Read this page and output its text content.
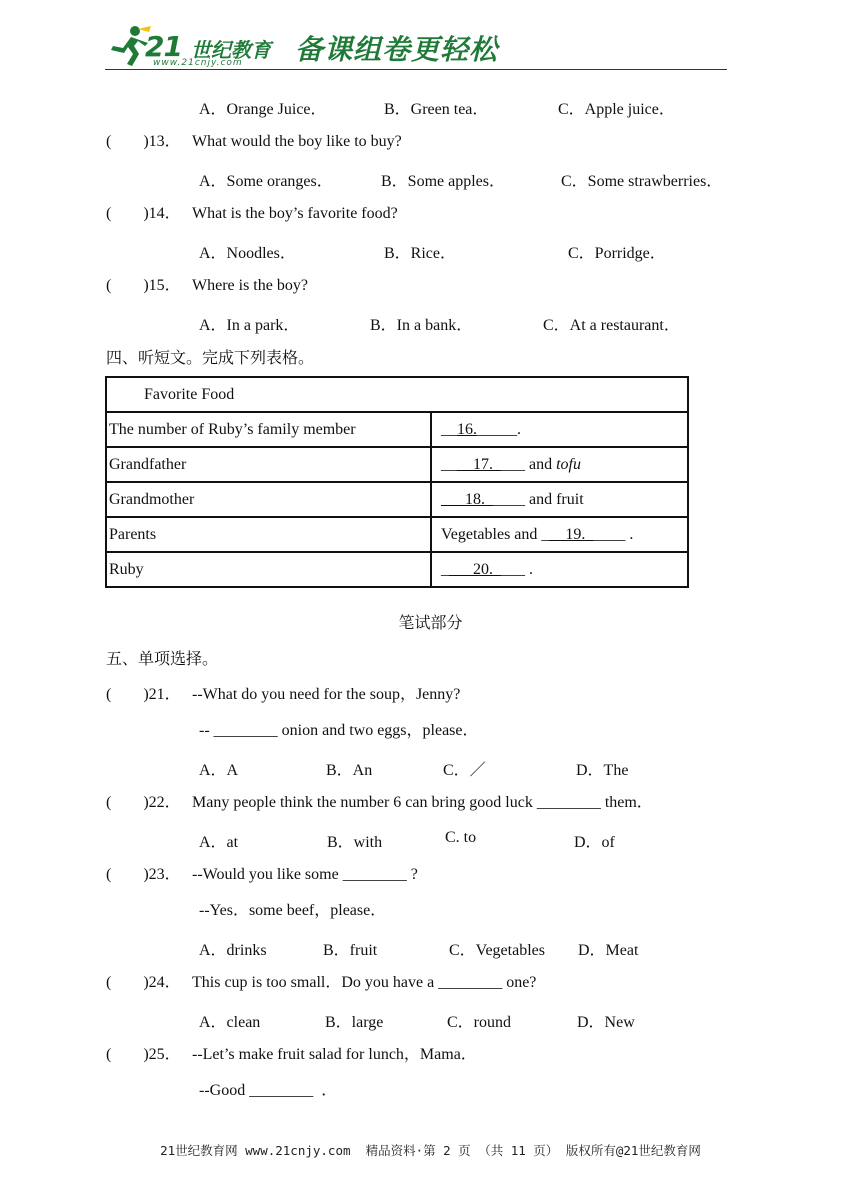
21 世纪教育
www.21cnjy.com 备课组卷更轻松
A．Orange Juice．	B．Green tea．	C．Apple juice．
(        )13． What would the boy like to buy?
A．Some oranges．	B．Some apples．	C．Some strawberries．
(        )14． What is the boy’s favorite food?
A．Noodles．	B．Rice．	C．Porridge．
(        )15． Where is the boy?
A．In a park．	B．In a bank．	C．At a restaurant．
四、听短文。完成下列表格。
Favorite Food	
The number of Ruby’s family member	__16._____.
Grandfather	____17.____ and tofu
Grandmother	___18._____ and fruit
Parents	Vegetables and ___19._____ .
Ruby	____20.____ .
笔试部分
五、单项选择。
(        )21． --What do you need for the soup，Jenny?
-- ________ onion and two eggs，please．
A．A	B．An	C．／	D．The
(        )22． Many people think the number 6 can bring good luck ________ them．
A．at	B．with	C. to	D．of
(        )23． --Would you like some ________ ?
--Yes．some beef，please．
A．drinks	B．fruit	C．Vegetables D．Meat
(        )24． This cup is too small．Do you have a ________ one?
A．clean	B．large	C．round	D．New
(        )25． --Let’s make fruit salad for lunch，Mama．
--Good ________  ．
21世纪教育网 www.21cnjy.com  精品资料·第 2 页 （共 11 页） 版权所有@21世纪教育网
